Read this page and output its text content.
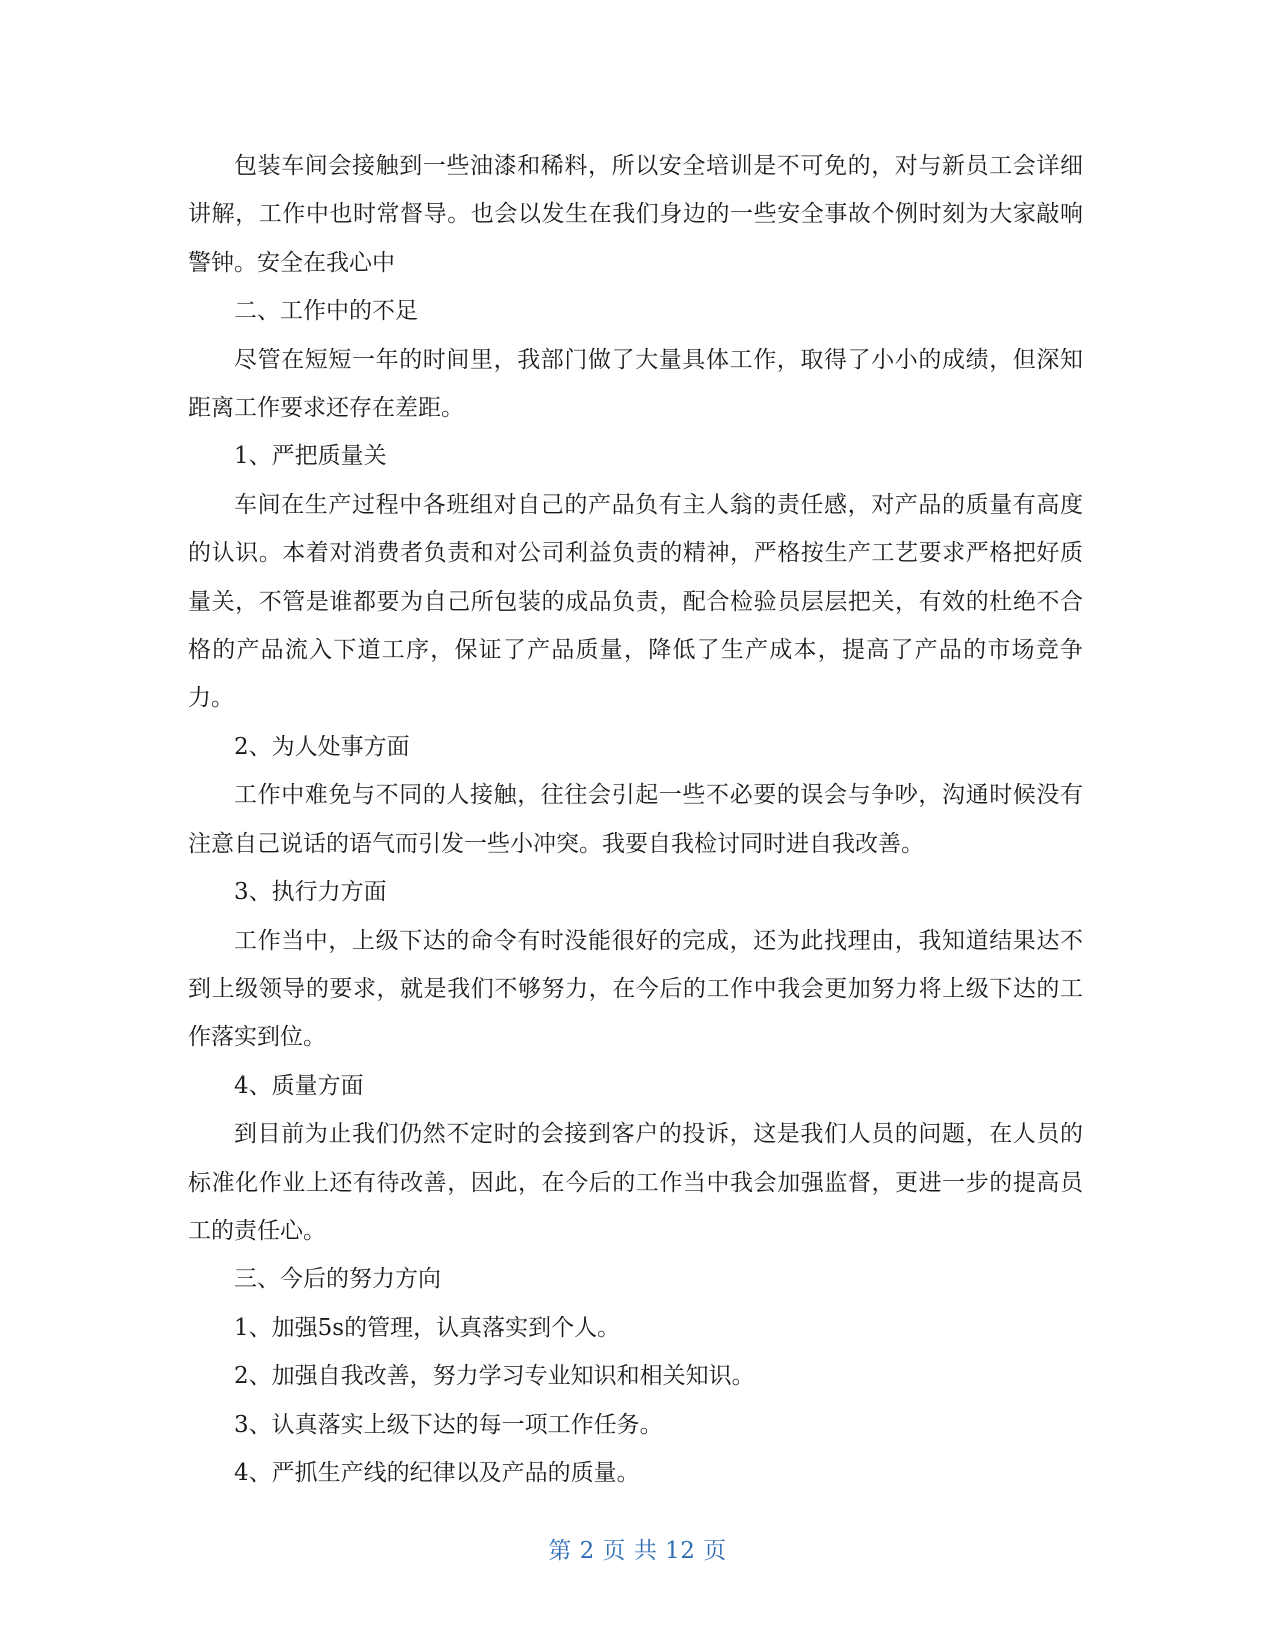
包装车间会接触到一些油漆和稀料，所以安全培训是不可免的，对与新员工会详细讲解，工作中也时常督导。也会以发生在我们身边的一些安全事故个例时刻为大家敲响警钟。安全在我心中

二、工作中的不足

尽管在短短一年的时间里，我部门做了大量具体工作，取得了小小的成绩，但深知距离工作要求还存在差距。

1、严把质量关

车间在生产过程中各班组对自己的产品负有主人翁的责任感，对产品的质量有高度的认识。本着对消费者负责和对公司利益负责的精神，严格按生产工艺要求严格把好质量关，不管是谁都要为自己所包装的成品负责，配合检验员层层把关，有效的杜绝不合格的产品流入下道工序，保证了产品质量，降低了生产成本，提高了产品的市场竞争力。

2、为人处事方面

工作中难免与不同的人接触，往往会引起一些不必要的误会与争吵，沟通时候没有注意自己说话的语气而引发一些小冲突。我要自我检讨同时进自我改善。

3、执行力方面

工作当中，上级下达的命令有时没能很好的完成，还为此找理由，我知道结果达不到上级领导的要求，就是我们不够努力，在今后的工作中我会更加努力将上级下达的工作落实到位。

4、质量方面

到目前为止我们仍然不定时的会接到客户的投诉，这是我们人员的问题，在人员的标准化作业上还有待改善，因此，在今后的工作当中我会加强监督，更进一步的提高员工的责任心。

三、今后的努力方向

1、加强5s的管理，认真落实到个人。

2、加强自我改善，努力学习专业知识和相关知识。

3、认真落实上级下达的每一项工作任务。

4、严抓生产线的纪律以及产品的质量。

第 2 页 共 12 页
